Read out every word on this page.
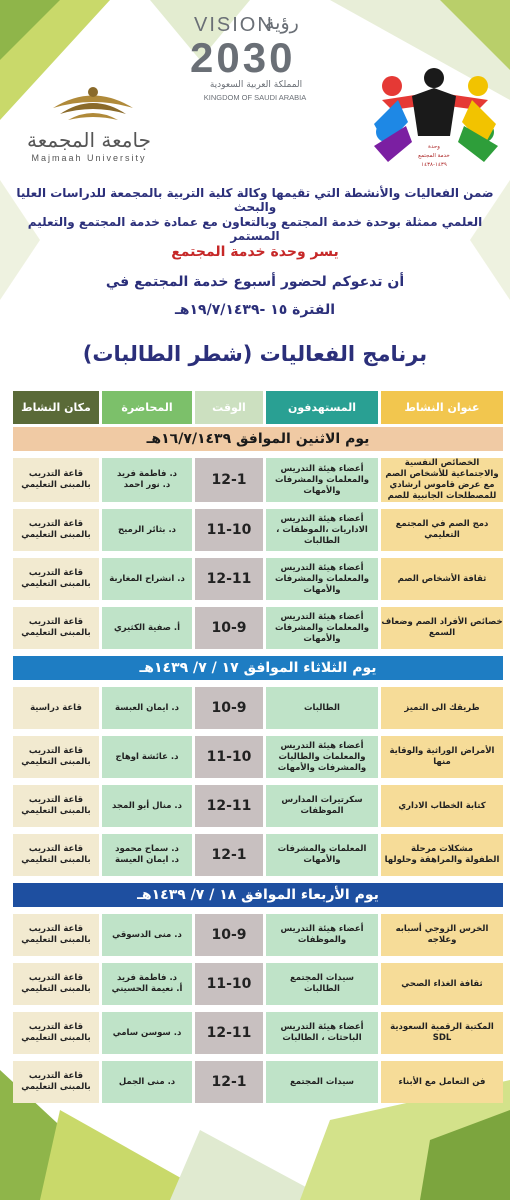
VISION
رؤية
2030
المملكة العربية السعودية
KINGDOM OF SAUDI ARABIA
جامعة المجمعة
Majmaah University
وحدة
خدمة المجتمع
١٤٣٩-١٤٣٨
ضمن الفعاليات والأنشطة التي تقيمها وكالة كلية التربية بالمجمعة للدراسات العليا والبحث
العلمي ممثلة بوحدة خدمة المجتمع وبالتعاون مع عمادة خدمة المجتمع والتعليم المستمر
يسر وحدة خدمة المجتمع
أن تدعوكم لحضور أسبوع خدمة المجتمع في
الفترة ١٥ -١٩/٧/١٤٣٩هـ
برنامج الفعاليات (شطر الطالبات)
عنوان النشاط	المستهدفون	الوقت	المحاضرة	مكان النشاط

يوم الاثنين الموافق ١٦/٧/١٤٣٩هـ				

الخصائص النفسية والاجتماعية للأشخاص الصم مع عرض قاموس ارشادي للمصطلحات الجانبية للصم	أعضاء هيئة التدريس والمعلمات والمشرفات والأمهات	12-1	د. فاطمة فريد
د. نور احمد	قاعة التدريب
بالمبنى التعليمي

دمج الصم في المجتمع التعليمي	أعضاء هيئة التدريس
الاداريات ،الموظفات ، الطالبات	11-10	د. بثائر الرميح	قاعة التدريب
بالمبنى التعليمي

ثقافة الأشخاص الصم	أعضاء هيئة التدريس
والمعلمات والمشرفات والأمهات	12-11	د. انشراح المغاربة	قاعة التدريب
بالمبنى التعليمي

خصائص الأفراد الصم وضعاف السمع	أعضاء هيئة التدريس
والمعلمات والمشرفات والأمهات	10-9	أ. صفية الكثيري	قاعة التدريب
بالمبنى التعليمي

يوم الثلاثاء الموافق ١٧ / ٧/ ١٤٣٩هـ				

طريقك الى التميز	الطالبات	10-9	د. ايمان العبسة	قاعة دراسية

الأمراض الوراثية والوقاية منها	أعضاء هيئة التدريس والمعلمات والطالبات والمشرفات والأمهات	11-10	د. عائشة اوهاج	قاعة التدريب
بالمبنى التعليمي

كتابة الخطاب الاداري	سكرتيرات المدارس
الموظفات	12-11	د. منال أبو المجد	قاعة التدريب
بالمبنى التعليمي

مشكلات مرحلة
الطفولة والمراهقة وحلولها	المعلمات والمشرفات والأمهات	12-1	د. سماح محمود
د. ايمان العيسة	قاعة التدريب
بالمبنى التعليمي

يوم الأربعاء الموافق ١٨ / ٧/ ١٤٣٩هـ				

الخرس الزوجي أسبابه وعلاجه	أعضاء هيئة التدريس والموظفات	10-9	د. منى الدسوقي	قاعة التدريب
بالمبنى التعليمي

ثقافة الغذاء الصحي	سيدات المجتمع
الطالبات	11-10	د. فاطمة فريد
أ. نعيمة الحسيني	قاعة التدريب
بالمبنى التعليمي

المكتبة الرقمية السعودية SDL	أعضاء هيئة التدريس
الباحثات ، الطالبات	12-11	د. سوسن سامي	قاعة التدريب
بالمبنى التعليمي

فن التعامل مع الأبناء	سيدات المجتمع	12-1	د. منى الجمل	قاعة التدريب
بالمبنى التعليمي
